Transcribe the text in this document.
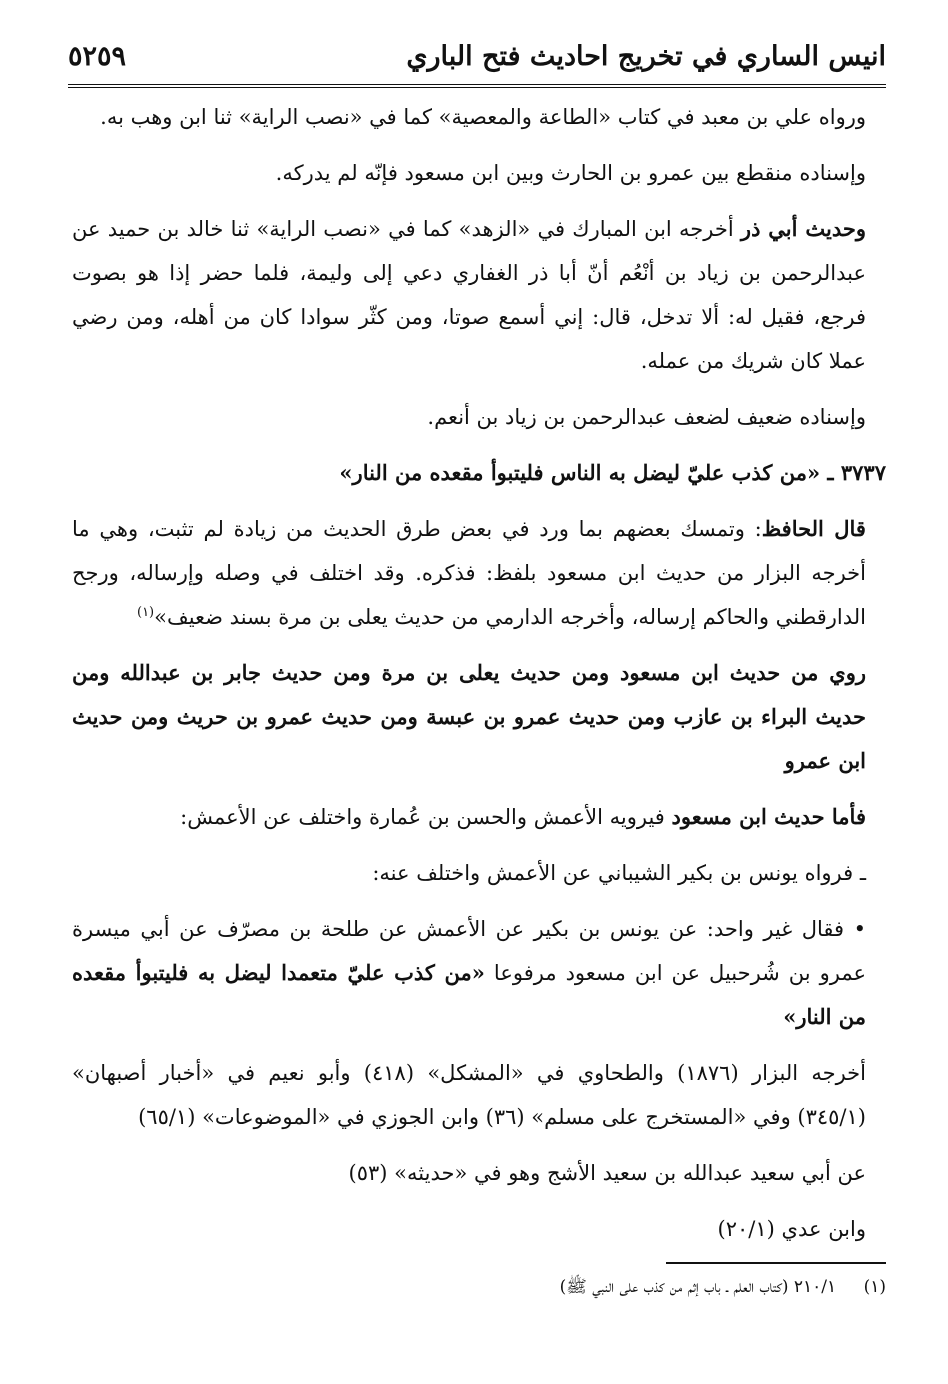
انيس الساري في تخريج احاديث فتح الباري
٥٢٥٩

ورواه علي بن معبد في كتاب «الطاعة والمعصية» كما في «نصب الراية» ثنا ابن وهب به.

وإسناده منقطع بين عمرو بن الحارث وبين ابن مسعود فإنّه لم يدركه.

وحديث أبي ذر أخرجه ابن المبارك في «الزهد» كما في «نصب الراية» ثنا خالد بن حميد عن عبدالرحمن بن زياد بن أنْعُم أنّ أبا ذر الغفاري دعي إلى وليمة، فلما حضر إذا هو بصوت فرجع، فقيل له: ألا تدخل، قال: إني أسمع صوتا، ومن كثّر سوادا كان من أهله، ومن رضي عملا كان شريك من عمله.

وإسناده ضعيف لضعف عبدالرحمن بن زياد بن أنعم.

٣٧٣٧ ـ «من كذب عليّ ليضل به الناس فليتبوأ مقعده من النار»

قال الحافظ: وتمسك بعضهم بما ورد في بعض طرق الحديث من زيادة لم تثبت، وهي ما أخرجه البزار من حديث ابن مسعود بلفظ: فذكره. وقد اختلف في وصله وإرساله، ورجح الدارقطني والحاكم إرساله، وأخرجه الدارمي من حديث يعلى بن مرة بسند ضعيف»$^{(١)}$

روي من حديث ابن مسعود ومن حديث يعلى بن مرة ومن حديث جابر بن عبدالله ومن حديث البراء بن عازب ومن حديث عمرو بن عبسة ومن حديث عمرو بن حريث ومن حديث ابن عمرو

فأما حديث ابن مسعود فيرويه الأعمش والحسن بن عُمارة واختلف عن الأعمش:

ـ فرواه يونس بن بكير الشيباني عن الأعمش واختلف عنه:

• فقال غير واحد: عن يونس بن بكير عن الأعمش عن طلحة بن مصرّف عن أبي ميسرة عمرو بن شُرحبيل عن ابن مسعود مرفوعا «من كذب عليّ متعمدا ليضل به فليتبوأ مقعده من النار»

أخرجه البزار (١٨٧٦) والطحاوي في «المشكل» (٤١٨) وأبو نعيم في «أخبار أصبهان» (٣٤٥/١) وفي «المستخرج على مسلم» (٣٦) وابن الجوزي في «الموضوعات» (٦٥/١)

عن أبي سعيد عبدالله بن سعيد الأشج وهو في «حديثه» (٥٣)

وابن عدي (٢٠/١)

(١) ٢١٠/١ (كتاب العلم ـ باب إثم من كذب على النبي ﷺ)
